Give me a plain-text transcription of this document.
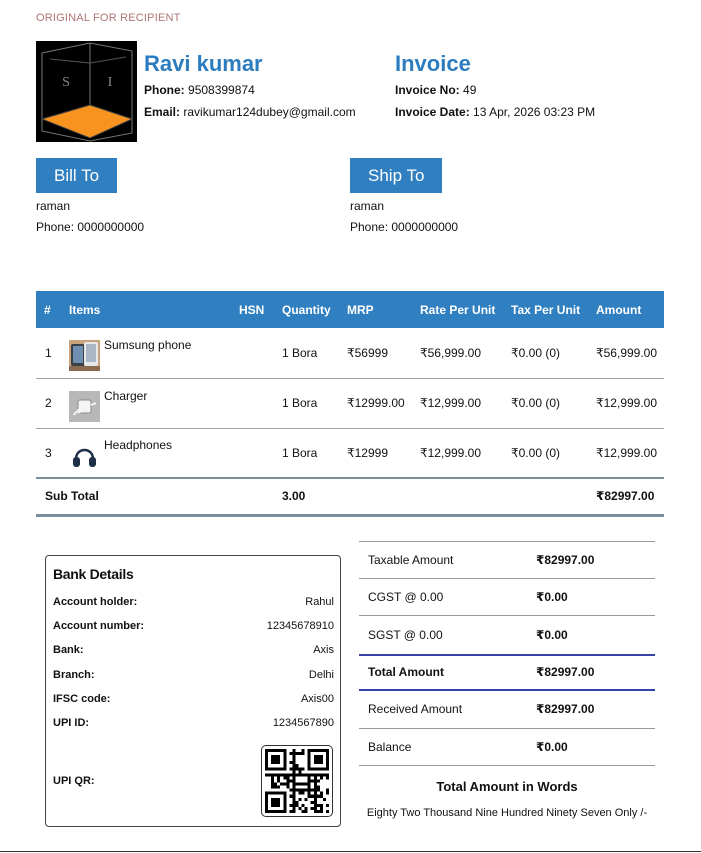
ORIGINAL FOR RECIPIENT
S	I
Ravi kumar
Phone: 9508399874
Email: ravikumar124dubey@gmail.com
Invoice
Invoice No: 49
Invoice Date: 13 Apr, 2026 03:23 PM
Bill To
raman
Phone: 0000000000
Ship To
raman
Phone: 0000000000
#	Items	HSN	Quantity	MRP	Rate Per Unit	Tax Per Unit	Amount
1	Sumsung phone		1 Bora	₹56999	₹56,999.00	₹0.00 (0)	₹56,999.00
2	Charger		1 Bora	₹12999.00	₹12,999.00	₹0.00 (0)	₹12,999.00
3	Headphones		1 Bora	₹12999	₹12,999.00	₹0.00 (0)	₹12,999.00
Sub Total			3.00				₹82997.00
Bank Details
Account holder:	Rahul
Account number:	12345678910
Bank:	Axis
Branch:	Delhi
IFSC code:	Axis00
UPI ID:	1234567890
UPI QR:
Taxable Amount	₹82997.00
CGST @ 0.00	₹0.00
SGST @ 0.00	₹0.00
Total Amount	₹82997.00
Received Amount	₹82997.00
Balance	₹0.00
Total Amount in Words
Eighty Two Thousand Nine Hundred Ninety Seven Only /-
